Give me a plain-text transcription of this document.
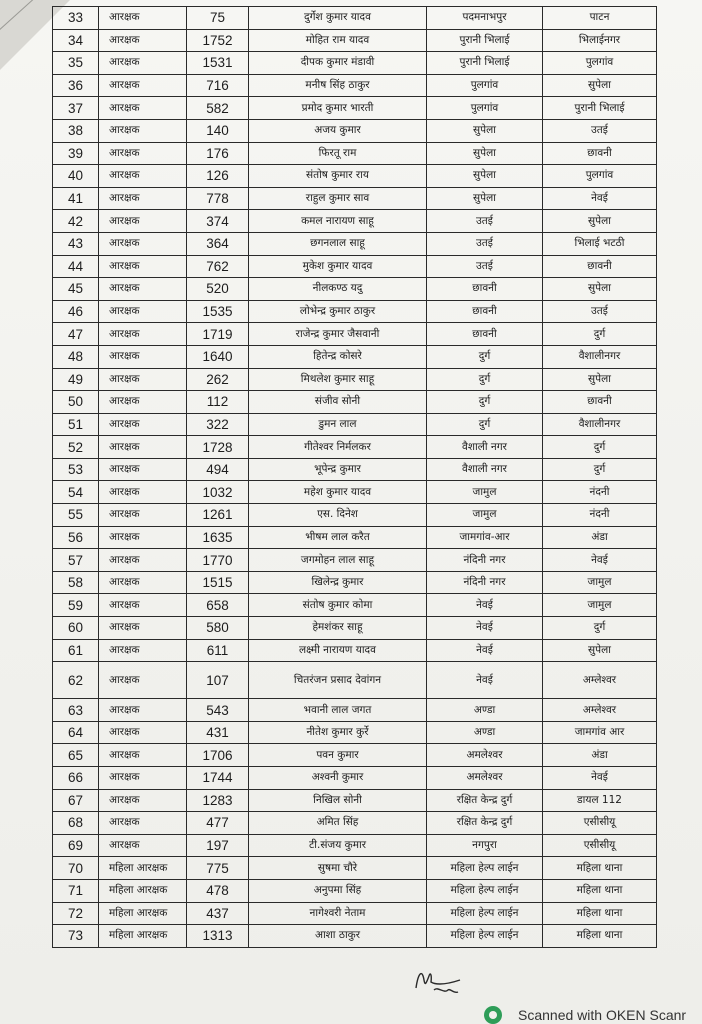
33	आरक्षक	75	दुर्गेश कुमार यादव	पदमनाभपुर	पाटन
34	आरक्षक	1752	मोहित राम यादव	पुरानी भिलाई	भिलाईनगर
35	आरक्षक	1531	दीपक कुमार मंडावी	पुरानी भिलाई	पुलगांव
36	आरक्षक	716	मनीष सिंह ठाकुर	पुलगांव	सुपेला
37	आरक्षक	582	प्रमोद कुमार भारती	पुलगांव	पुरानी भिलाई
38	आरक्षक	140	अजय कुमार	सुपेला	उतई
39	आरक्षक	176	फिरतू राम	सुपेला	छावनी
40	आरक्षक	126	संतोष कुमार राय	सुपेला	पुलगांव
41	आरक्षक	778	राहुल कुमार साव	सुपेला	नेवई
42	आरक्षक	374	कमल नारायण साहू	उतई	सुपेला
43	आरक्षक	364	छगनलाल साहू	उतई	भिलाई भटठी
44	आरक्षक	762	मुकेश कुमार यादव	उतई	छावनी
45	आरक्षक	520	नीलकण्ठ यदु	छावनी	सुपेला
46	आरक्षक	1535	लोभेन्द्र कुमार ठाकुर	छावनी	उतई
47	आरक्षक	1719	राजेन्द्र कुमार जैसवानी	छावनी	दुर्ग
48	आरक्षक	1640	हितेन्द्र कोसरे	दुर्ग	वैशालीनगर
49	आरक्षक	262	मिथलेश कुमार साहू	दुर्ग	सुपेला
50	आरक्षक	112	संजीव सोनी	दुर्ग	छावनी
51	आरक्षक	322	डुमन लाल	दुर्ग	वैशालीनगर
52	आरक्षक	1728	गीतेश्वर निर्मलकर	वैशाली नगर	दुर्ग
53	आरक्षक	494	भूपेन्द्र कुमार	वैशाली नगर	दुर्ग
54	आरक्षक	1032	महेश कुमार यादव	जामुल	नंदनी
55	आरक्षक	1261	एस. दिनेश	जामुल	नंदनी
56	आरक्षक	1635	भीषम लाल करैत	जामगांव-आर	अंडा
57	आरक्षक	1770	जगमोहन लाल साहू	नंदिनी नगर	नेवई
58	आरक्षक	1515	खिलेन्द्र कुमार	नंदिनी नगर	जामुल
59	आरक्षक	658	संतोष कुमार कोमा	नेवई	जामुल
60	आरक्षक	580	हेमशंकर साहू	नेवई	दुर्ग
61	आरक्षक	611	लक्ष्मी नारायण यादव	नेवई	सुपेला
62	आरक्षक	107	चितरंजन प्रसाद देवांगन	नेवई	अम्लेश्वर
63	आरक्षक	543	भवानी लाल जगत	अण्डा	अम्लेश्वर
64	आरक्षक	431	नीतेश कुमार कुर्रे	अण्डा	जामगांव आर
65	आरक्षक	1706	पवन कुमार	अमलेश्वर	अंडा
66	आरक्षक	1744	अश्वनी कुमार	अमलेश्वर	नेवई
67	आरक्षक	1283	निखिल सोनी	रक्षित केन्द्र दुर्ग	डायल 112
68	आरक्षक	477	अमित सिंह	रक्षित केन्द्र दुर्ग	एसीसीयू
69	आरक्षक	197	टी.संजय कुमार	नगपुरा	एसीसीयू
70	महिला आरक्षक	775	सुषमा चौरे	महिला हेल्प लाईन	महिला थाना
71	महिला आरक्षक	478	अनुपमा सिंह	महिला हेल्प लाईन	महिला थाना
72	महिला आरक्षक	437	नागेश्वरी नेताम	महिला हेल्प लाईन	महिला थाना
73	महिला आरक्षक	1313	आशा ठाकुर	महिला हेल्प लाईन	महिला थाना
Scanned with OKEN Scanr
